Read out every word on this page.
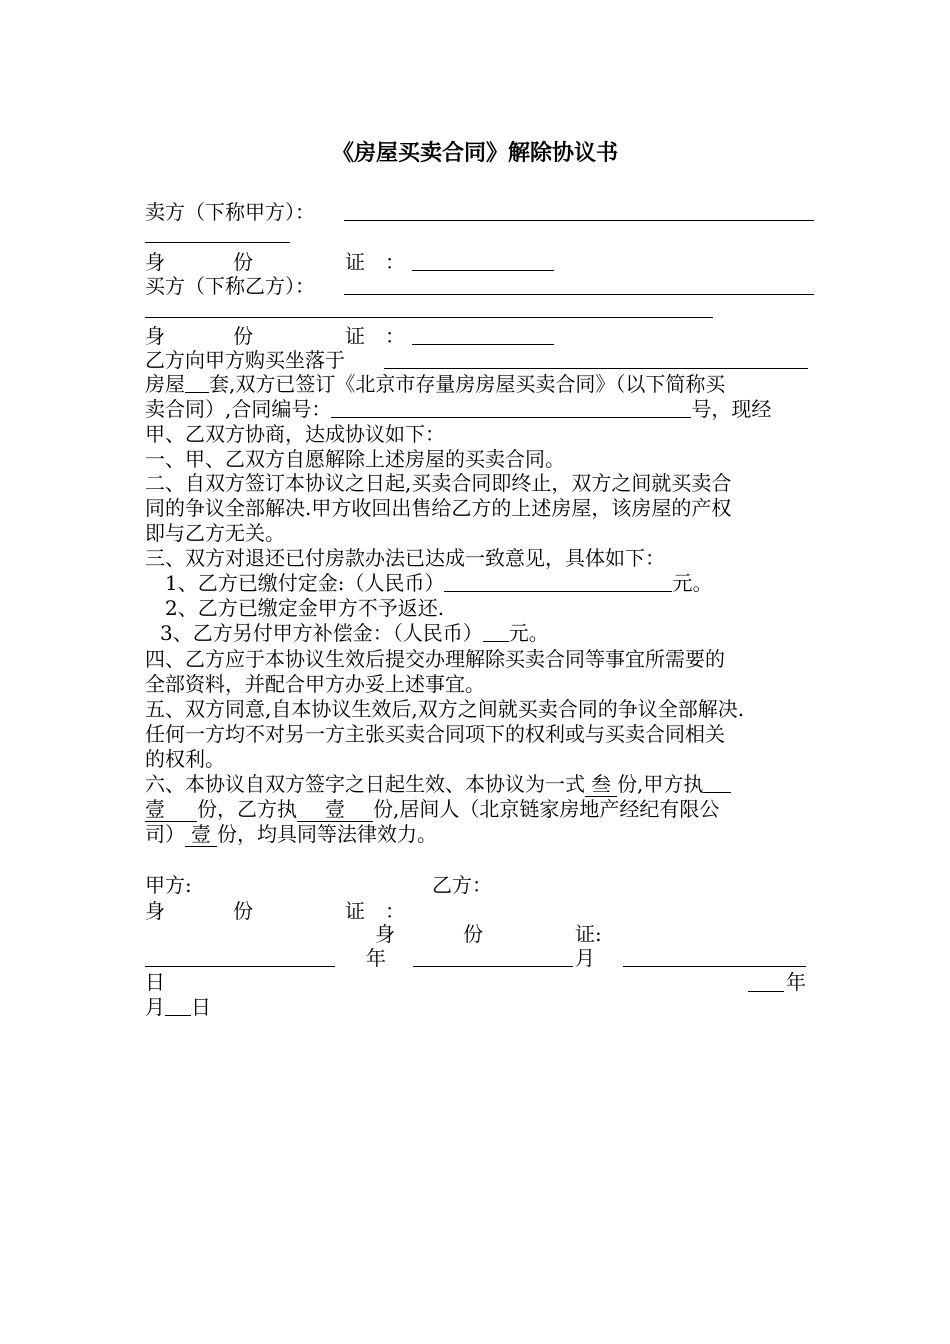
《房屋买卖合同》解除协议书
卖方（下称甲方）：
身	份	证 ：
买方（下称乙方）：
身	份	证 ：
乙方向甲方购买坐落于
房屋 套,双方已签订《北京市存量房房屋买卖合同》（以下简称买
卖合同）,合同编号：	号，现经
甲、乙双方协商，达成协议如下：
一、甲、乙双方自愿解除上述房屋的买卖合同。
二、自双方签订本协议之日起,买卖合同即终止，双方之间就买卖合
同的争议全部解决.甲方收回出售给乙方的上述房屋，该房屋的产权
即与乙方无关。
三、双方对退还已付房款办法已达成一致意见，具体如下：
1、乙方已缴付定金:（人民币）	元。
2、乙方已缴定金甲方不予返还.
3、乙方另付甲方补偿金：（人民币） 元。
四、乙方应于本协议生效后提交办理解除买卖合同等事宜所需要的
全部资料，并配合甲方办妥上述事宜。
五、双方同意,自本协议生效后,双方之间就买卖合同的争议全部解决.
任何一方均不对另一方主张买卖合同项下的权利或与买卖合同相关
的权利。
六、本协议自双方签字之日起生效、本协议为一式 叁 份,甲方执
壹 份，乙方执 壹 份,居间人（北京链家房地产经纪有限公
司） 壹 份，均具同等法律效力。
甲方:	乙方：
身	份	证 ：
身	份	证:
年	月
日	年
月 日
